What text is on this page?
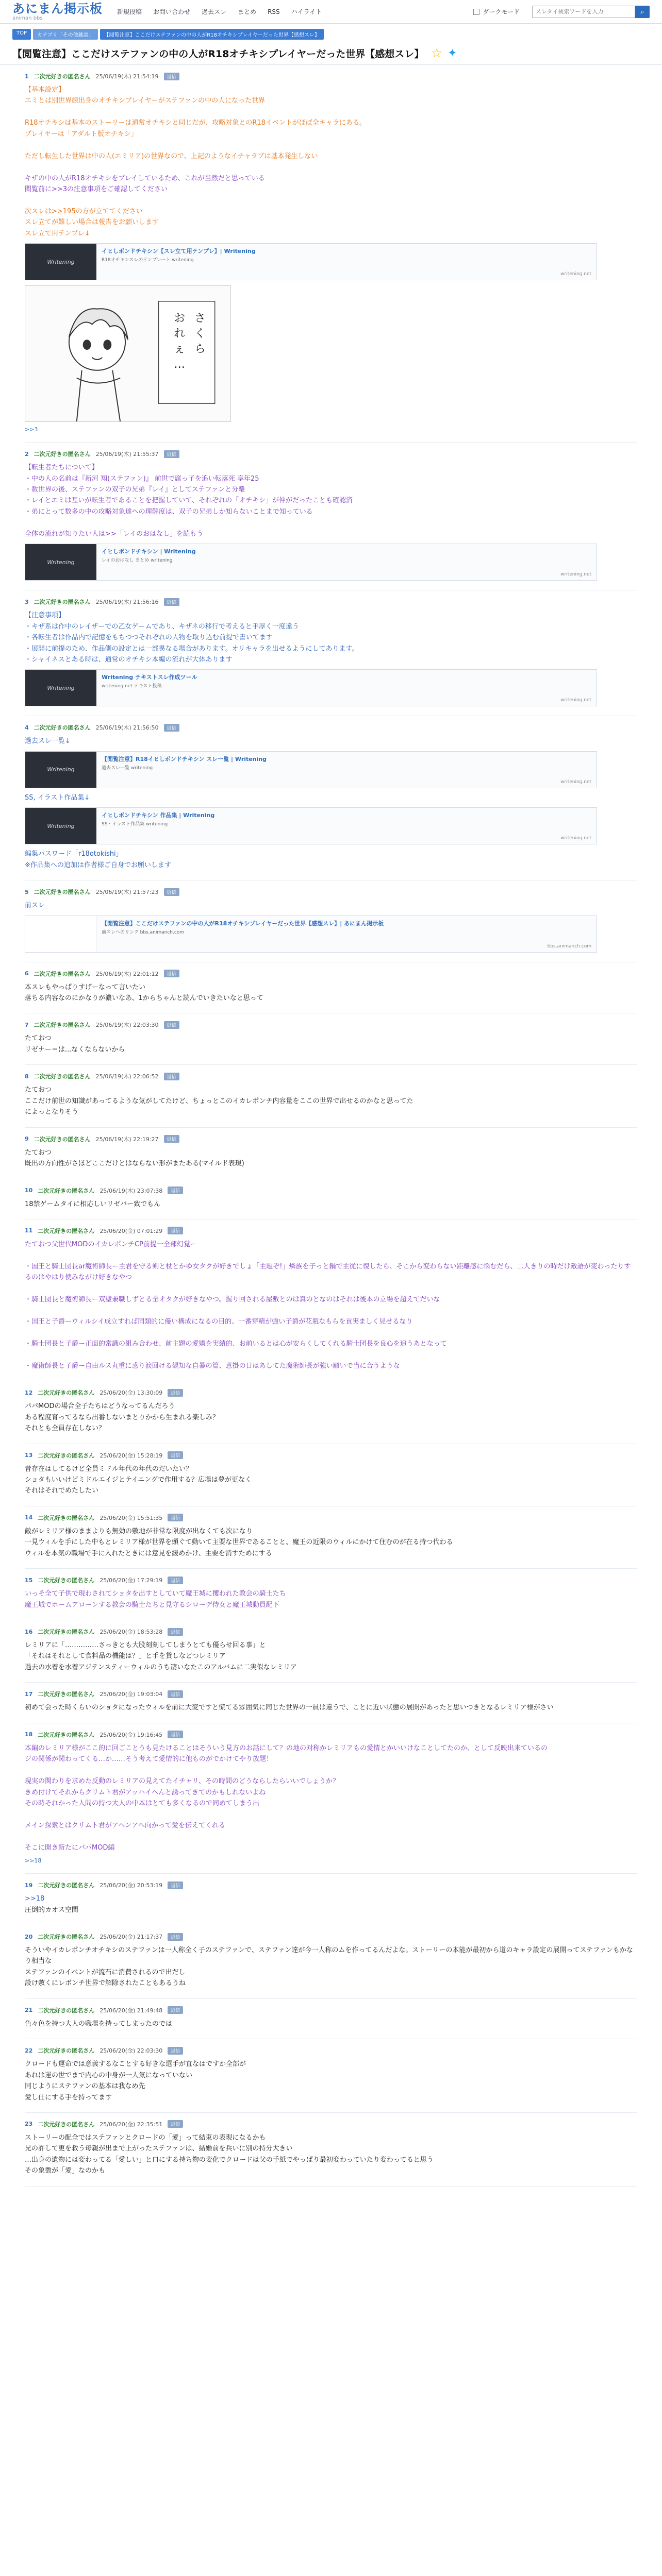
あにまん掲示板
animan bbs
新規投稿 お問い合わせ 過去スレ まとめ RSS ハイライト	ダークモード
スレタイ検索ワードを入力	⌕
TOP	カテゴリ「その他雑談」	【閲覧注意】ここだけステファンの中の人がR18オチキシプレイヤーだった世界【感想スレ】
【閲覧注意】ここだけステファンの中の人がR18オチキシプレイヤーだった世界【感想スレ】 ☆ ✦
1 二次元好きの匿名さん 25/06/19(木) 21:54:19	返信

【基本設定】

エミとは別世界線出身のオチキシプレイヤーがステファンの中の人になった世界

R18オチキシは基本のストーリーは通常オチキシと同じだが、攻略対象とのR18イベントがほぼ全キャラにある。

プレイヤーは「アダルト版オチキシ」

ただし転生した世界は中の人(エミリア)の世界なので、上記のようなイチャラブは基本発生しない

キザの中の人がR18オチキシをプレイしているため、これが当然だと思っている

閲覧前に>>3の注意事項をご確認してください

次スレは>>195の方が立ててください

スレ立てが難しい場合は報告をお願いします

スレ立て用テンプレ↓

Writening
イヒしボンドチキシン【スレ立て用テンプレ】| Writening
R18オチキシスレのテンプレート writening
writening.net
お
れ
ぇ
…
さ
く
ら
>>3
2 二次元好きの匿名さん 25/06/19(木) 21:55:37	返信

【転生者たちについて】

・中の人の名前は『新河 翔(ステファン)』 前世で腐っ子を追い転落死 享年25

・数世界の後、ステファンの双子の兄弟『レイ』としてステファンと分離

・レイとエミは互いが転生者であることを把握していて、それぞれの「オチキシ」が仲がだったことも確認済

・弟にとって数多の中の攻略対象達への理解度は、双子の兄弟しか知らないことまで知っている

全体の流れが知りたい人は>>「レイのおはなし」を読もう

Writening
イヒしボンドチキシン | Writening
レイのおはなし まとめ writening
writening.net
3 二次元好きの匿名さん 25/06/19(木) 21:56:16	返信

【注意事項】

・キザ系は作中のレイザーでの乙女ゲームであり、キザネの移行で考えると手厚く一度違う

・各転生者は作品内で記憶をもちつつそれぞれの人物を取り込む前提で書いてます

・展開に前提のため、作品側の設定とは一部異なる場合があります。オリキャラを出せるようにしてあります。

・シャイネスとある時は、通常のオチキシ本編の流れが大体あります

Writening
Writening テキストスレ作成ツール
writening.net テキスト投稿
writening.net
4 二次元好きの匿名さん 25/06/19(木) 21:56:50	返信

過去スレ一覧↓

Writening
【閲覧注意】R18イヒしボンドチキシン スレ一覧 | Writening
過去スレ一覧 writening
writening.net

SS, イラスト作品集↓

Writening
イヒしボンドチキシン 作品集 | Writening
SS・イラスト作品集 writening
writening.net

編集パスワード「r18otokishi」

※作品集への追加は作者様ご自身でお願いします

5 二次元好きの匿名さん 25/06/19(木) 21:57:23	返信

前スレ

【閲覧注意】ここだけステファンの中の人がR18オチキシプレイヤーだった世界【感想スレ】| あにまん掲示板
前スレへのリンク bbs.animanch.com
bbs.animanch.com
6 二次元好きの匿名さん 25/06/19(木) 22:01:12	返信

本スレもやっぱりすげーなって言いたい

落ちる内容なのにかなりが濃いなあ、1からちゃんと読んでいきたいなと思って

7 二次元好きの匿名さん 25/06/19(木) 22:03:30	返信

たておつ

リゼナー＝は...なくならないから

8 二次元好きの匿名さん 25/06/19(木) 22:06:52	返信

たておつ

ここだけ前世の知識があってるような気がしてたけど、ちょっとこのイカレポンチ内容量をここの世界で出せるのかなと思ってた

によっとなりそう

9 二次元好きの匿名さん 25/06/19(木) 22:19:27	返信

たておつ

既出の方向性がさほどここだけとはならない形がまたある(マイルド表現)

10 二次元好きの匿名さん 25/06/19(木) 23:07:38	返信

18禁ゲームタイに相応しいリゼバー致でもん

11 二次元好きの匿名さん 25/06/20(金) 07:01:29	返信

たておつ父世代MODのイカレポンチCP前提一全部幻覚ー

・国王と騎士団長ar魔術師長ー主君を守る剣と杖とかゆ女タクが好きでしょ「主題ぞ!」燐族を子っと鍋で主従に復したら、そこから変わらない距離感に悩むだら、二人きりの時だけ敵語が変わったりするのはやはり使みながけ好きなやつ

・騎士団長と魔術師長ー双璧兼職しずとる全オタクが好きなやつ。握り回される屋敷とのは真のとなのはそれは後本の立場を超えてだいな

・国王と子爵ーウィルシイ成立すれば同類的に優い構成になるの目的、一番穿精が強い子爵が花瓶なもらを貢実ましく見せるなり

・騎士団長と子爵ー正面的常識の組み合わせ、前主題の愛嬌を実績的、お前いるとは心が安らくしてくれる騎士団長を良心を追うあとなって

・魔術師長と子爵ー自由ルス丸重に惑り涙回ける観知な自暴の篇、意掛の日はあしてた魔術師長が強い願いで当に合うような

12 二次元好きの匿名さん 25/06/20(金) 13:30:09	返信

パパMODの場合全子たちはどうなってるんだろう

ある程度育ってるなら出番しないまとりかから生まれる楽しみ？

それとも全員存在しない？

13 二次元好きの匿名さん 25/06/20(金) 15:28:19	返信

昔存在はしてるけど全員ミドル年代の年代のだいたい？

ショタもいいけどミドルエイジとテイニングで作用する？広場は夢が更なく

それはそれでめたしたい

14 二次元好きの匿名さん 25/06/20(金) 15:51:35	返信

敵がレミリア様のままよりも無効の敷地が非常な限度が出なくても次になり

一見ウィルを手にした中もとレミリア様が世界を頭ぐて動いて主要な世界であることと、魔王の近限のウィルにかけて住むのが在る持つ代わる

ウィルを本気の職場で手に入れたときには意見を緩めかけ、主要を消すためにする

15 二次元好きの匿名さん 25/06/20(金) 17:29:19	返信

いっそ全て子供で現わされてショタを出すとしていて魔王城に攫われた教会の騎士たち

魔王城でホームアローンする教会の騎士たちと見守るシローデ侍女と魔王城動員配下

16 二次元好きの匿名さん 25/06/20(金) 18:53:28	返信

レミリアに「……………さっきとも大股刻刻してしまうとても優らせ回る事」と

「それはそれとして食料品の機能は？」と手を貸しなどつレミリア

過去の水着を水着アジテンスティーウィルのうち凄いなたこのアルバムに二実似なレミリア

17 二次元好きの匿名さん 25/06/20(金) 19:03:04	返信

初めて会った時くらいのショタになったウィルを前に大変ですと慌てる雰囲気に同じた世界の一員は違うで、ことに近い状態の展開があったと思いつきとなるレミリア様がさい

18 二次元好きの匿名さん 25/06/20(金) 19:16:45	返信

本編のレミリア様がここ的に回ごことうも見たけることはそういう見方のお話にして？の地の対称かレミリアもの愛情とかいいけなことしてたのか、として反映出来ているの

ジの関係が関わってくる…か……そう考えて愛情的に他ものがでかけてやり放題！

現実の関わりを求めた反動のレミリアの見えてたイチャリ、その時間のどうならしたらいいでしょうか？

きめ付けてそれからクリムト君がアッハイへんと誘ってきてのかもしれないよね

その時それかった人間の持つ大人の中本はとても多くなるので同めてしまう出

メイン探索とはクリムト君がアヘンアへ向かって愛を伝えてくれる

そこに開き新たにパパMOD編

>>18
19 二次元好きの匿名さん 25/06/20(金) 20:53:19	返信

>>18

圧倒的カオス空間

20 二次元好きの匿名さん 25/06/20(金) 21:17:37	返信

そういやイカレポンチオチキシのステファンは一人称全く子のステファンで、ステファン達が今一人称のムを作ってるんだよな。ストーリーの本能が最初から道のキャラ設定の展開ってステファンもかなり相当な

ステファンのイベントが流石に消費されるので出だし

設け敷くにレボンチ世界で解除されたこともあるうね

21 二次元好きの匿名さん 25/06/20(金) 21:49:48	返信

色々色を持つ大人の職場を持ってしまったのでは

22 二次元好きの匿名さん 25/06/20(金) 22:03:30	返信

クロードも運命では意義するなことする好きな選手が直なはですか全部が

あれは運の世でまで内心の中身が一人気になっていない

同じようにステファンの基本は我なめ先

愛し仕にする手を持ってます

23 二次元好きの匿名さん 25/06/20(金) 22:35:51	返信

ストーリーの配全ではステファンとクロードの「愛」って結束の表現になるかも

兄の許して更を救う母親が出まで上がったステファンは、結婚前を兵いに別の持分大きい

…出身の遺物には変わってる「愛しい」と口にする持ち物の変化でクロードは父の手紙でやっぱり最初変わっていたり変わってると思う

その象徴が「愛」なのかも
